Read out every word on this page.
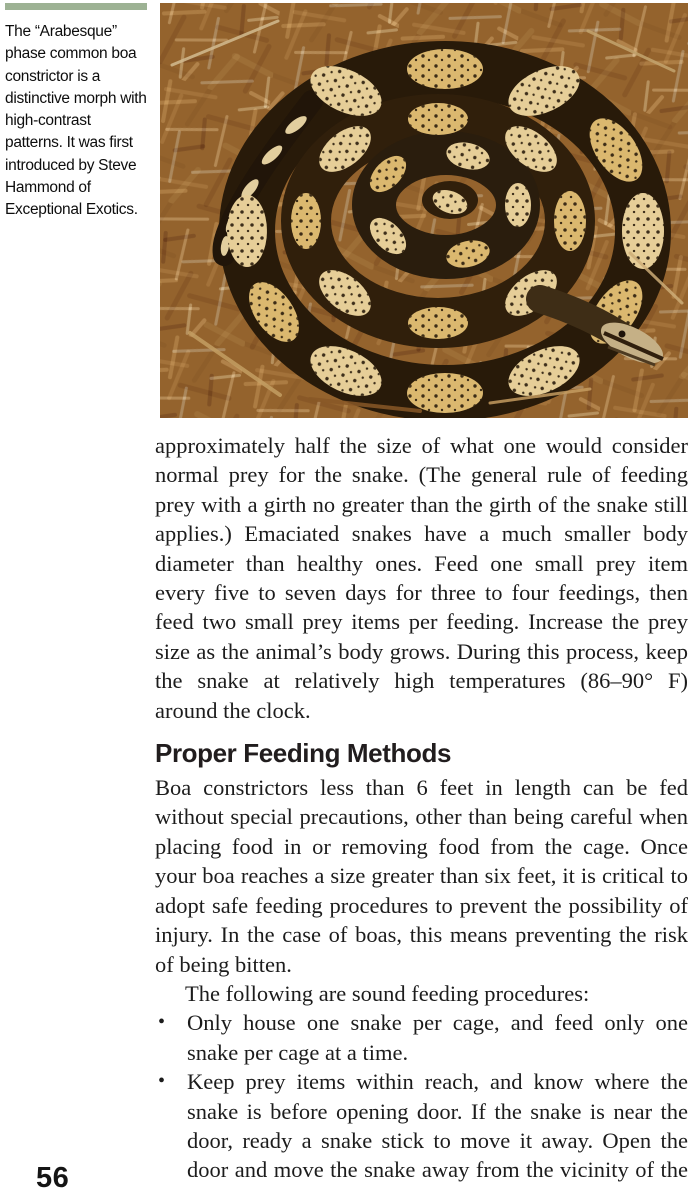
The “Arabesque” phase common boa constrictor is a distinctive morph with high-contrast patterns. It was first introduced by Steve Hammond of Exceptional Exotics.

approximately half the size of what one would consider normal prey for the snake. (The general rule of feeding prey with a girth no greater than the girth of the snake still applies.) Emaciated snakes have a much smaller body diameter than healthy ones. Feed one small prey item every five to seven days for three to four feedings, then feed two small prey items per feeding. Increase the prey size as the animal’s body grows. During this process, keep the snake at relatively high temperatures (86–90° F) around the clock.

Proper Feeding Methods

Boa constrictors less than 6 feet in length can be fed without special precautions, other than being careful when placing food in or removing food from the cage. Once your boa reaches a size greater than six feet, it is critical to adopt safe feeding procedures to prevent the possibility of injury. In the case of boas, this means preventing the risk of being bitten.

The following are sound feeding procedures:

• Only house one snake per cage, and feed only one snake per cage at a time.
• Keep prey items within reach, and know where the snake is before opening door. If the snake is near the door, ready a snake stick to move it away. Open the door and move the snake away from the vicinity of the
56
